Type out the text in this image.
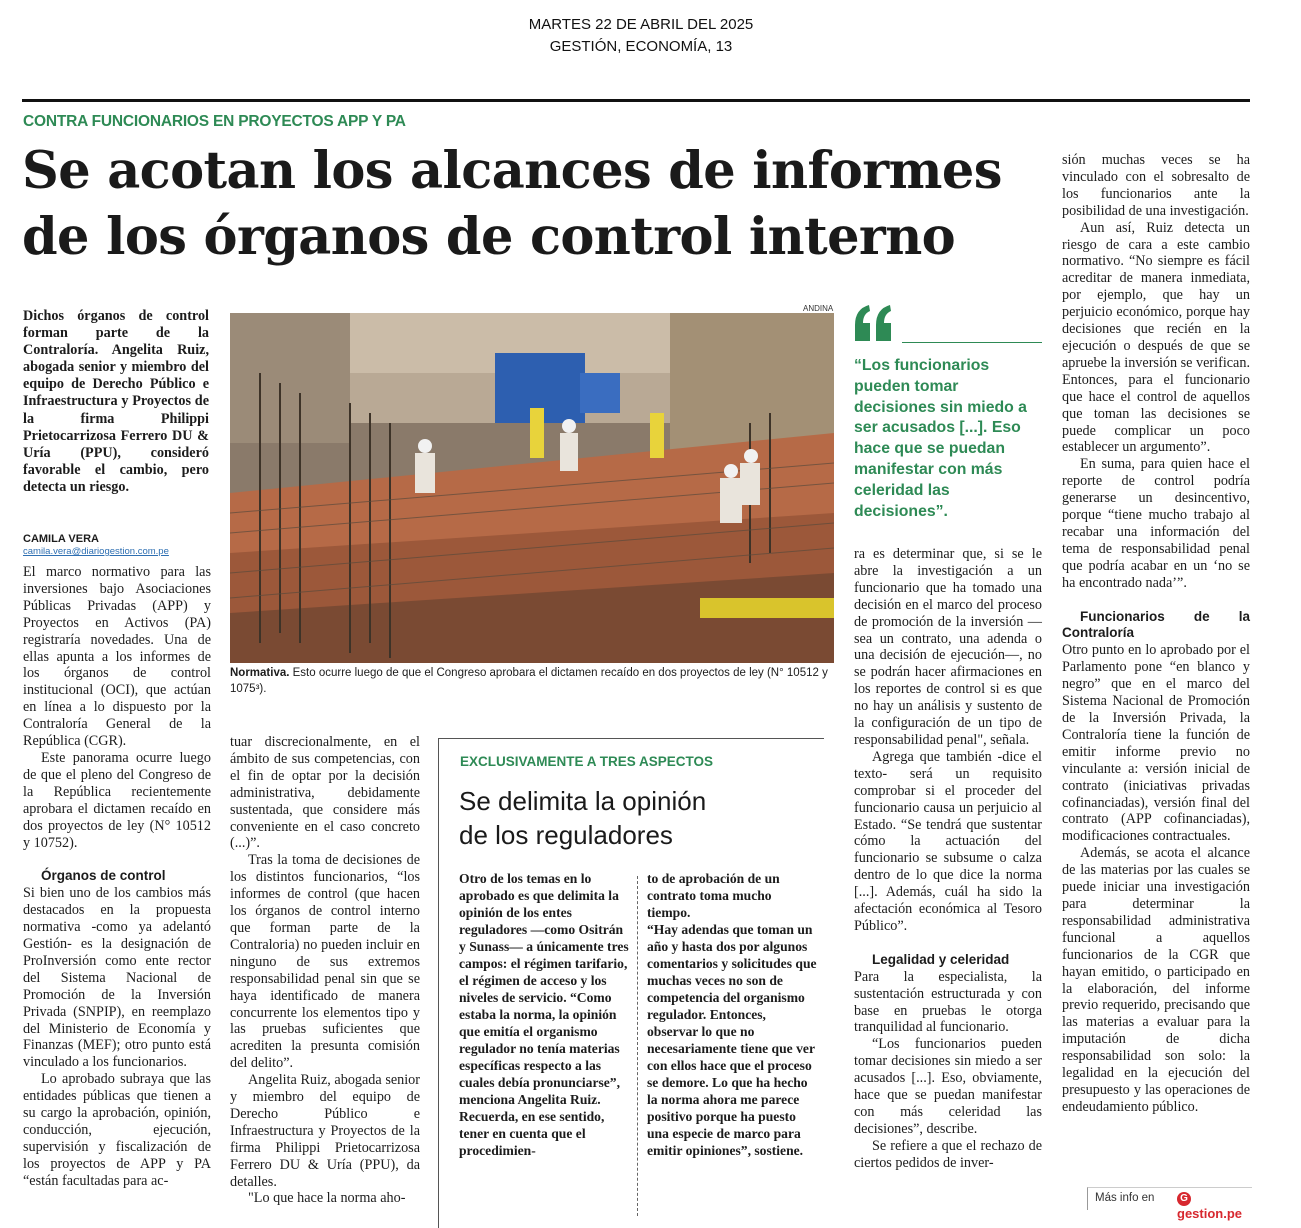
MARTES 22 DE ABRIL DEL 2025
GESTIÓN, ECONOMÍA, 13
CONTRA FUNCIONARIOS EN PROYECTOS APP Y PA
Se acotan los alcances de informes
de los órganos de control interno
Dichos órganos de control forman parte de la Contraloría. Angelita Ruiz, abogada senior y miembro del equipo de Derecho Público e Infraestructura y Proyectos de la firma Philippi Prietocarrizosa Ferrero DU & Uría (PPU), consideró favorable el cambio, pero detecta un riesgo.
CAMILA VERA
camila.vera@diariogestion.com.pe

El marco normativo para las inversiones bajo Asociaciones Públicas Privadas (APP) y Proyectos en Activos (PA) registraría novedades. Una de ellas apunta a los informes de los órganos de control institucional (OCI), que actúan en línea a lo dispuesto por la Contraloría General de la República (CGR).

Este panorama ocurre luego de que el pleno del Congreso de la República recientemente aprobara el dictamen recaído en dos proyectos de ley (N° 10512 y 10752).

Órganos de control

Si bien uno de los cambios más destacados en la propuesta normativa -como ya adelantó Gestión- es la designación de ProInversión como ente rector del Sistema Nacional de Promoción de la Inversión Privada (SNPIP), en reemplazo del Ministerio de Economía y Finanzas (MEF); otro punto está vinculado a los funcionarios.

Lo aprobado subraya que las entidades públicas que tienen a su cargo la aprobación, opinión, conducción, ejecución, supervisión y fiscalización de los proyectos de APP y PA “están facultadas para ac-

ANDINA
Normativa. Esto ocurre luego de que el Congreso aprobara el dictamen recaído en dos proyectos de ley (N° 10512 y 1075³).

tuar discrecionalmente, en el ámbito de sus competencias, con el fin de optar por la decisión administrativa, debidamente sustentada, que considere más conveniente en el caso concreto (...)”.

Tras la toma de decisiones de los distintos funcionarios, “los informes de control (que hacen los órganos de control interno que forman parte de la Contraloria) no pueden incluir en ninguno de sus extremos responsabilidad penal sin que se haya identificado de manera concurrente los elementos tipo y las pruebas suficientes que acrediten la presunta comisión del delito”.

Angelita Ruiz, abogada senior y miembro del equipo de Derecho Público e Infraestructura y Proyectos de la firma Philippi Prietocarrizosa Ferrero DU & Uría (PPU), da detalles.

"Lo que hace la norma aho-

“Los funcionarios pueden tomar decisiones sin miedo a ser acusados [...]. Eso hace que se puedan manifestar con más celeridad las decisiones”.

ra es determinar que, si se le abre la investigación a un funcionario que ha tomado una decisión en el marco del proceso de promoción de la inversión —sea un contrato, una adenda o una decisión de ejecución—, no se podrán hacer afirmaciones en los reportes de control si es que no hay un análisis y sustento de la configuración de un tipo de responsabilidad penal", señala.

Agrega que también -dice el texto- será un requisito comprobar si el proceder del funcionario causa un perjuicio al Estado. “Se tendrá que sustentar cómo la actuación del funcionario se subsume o calza dentro de lo que dice la norma [...]. Además, cuál ha sido la afectación económica al Tesoro Público”.

Legalidad y celeridad

Para la especialista, la sustentación estructurada y con base en pruebas le otorga tranquilidad al funcionario.

“Los funcionarios pueden tomar decisiones sin miedo a ser acusados [...]. Eso, obviamente, hace que se puedan manifestar con más celeridad las decisiones”, describe.

Se refiere a que el rechazo de ciertos pedidos de inver-

sión muchas veces se ha vinculado con el sobresalto de los funcionarios ante la posibilidad de una investigación.

Aun así, Ruiz detecta un riesgo de cara a este cambio normativo. “No siempre es fácil acreditar de manera inmediata, por ejemplo, que hay un perjuicio económico, porque hay decisiones que recién en la ejecución o después de que se apruebe la inversión se verifican. Entonces, para el funcionario que hace el control de aquellos que toman las decisiones se puede complicar un poco establecer un argumento”.

En suma, para quien hace el reporte de control podría generarse un desincentivo, porque “tiene mucho trabajo al recabar una información del tema de responsabilidad penal que podría acabar en un ‘no se ha encontrado nada’”.

Funcionarios de la Contraloría

Otro punto en lo aprobado por el Parlamento pone “en blanco y negro” que en el marco del Sistema Nacional de Promoción de la Inversión Privada, la Contraloría tiene la función de emitir informe previo no vinculante a: versión inicial de contrato (iniciativas privadas cofinanciadas), versión final del contrato (APP cofinanciadas), modificaciones contractuales.

Además, se acota el alcance de las materias por las cuales se puede iniciar una investigación para determinar la responsabilidad administrativa funcional a aquellos funcionarios de la CGR que hayan emitido, o participado en la elaboración, del informe previo requerido, precisando que las materias a evaluar para la imputación de dicha responsabilidad son solo: la legalidad en la ejecución del presupuesto y las operaciones de endeudamiento público.

EXCLUSIVAMENTE A TRES ASPECTOS
Se delimita la opinión
de los reguladores

Otro de los temas en lo aprobado es que delimita la opinión de los entes reguladores —como Ositrán y Sunass— a únicamente tres campos: el régimen tarifario, el régimen de acceso y los niveles de servicio. “Como estaba la norma, la opinión que emitía el organismo regulador no tenía materias específicas respecto a las cuales debía pronunciarse”, menciona Angelita Ruiz.

Recuerda, en ese sentido, tener en cuenta que el procedimien-

to de aprobación de un contrato toma mucho tiempo.

“Hay adendas que toman un año y hasta dos por algunos comentarios y solicitudes que muchas veces no son de competencia del organismo regulador. Entonces, observar lo que no necesariamente tiene que ver con ellos hace que el proceso se demore. Lo que ha hecho la norma ahora me parece positivo porque ha puesto una especie de marco para emitir opiniones”, sostiene.

Más info en	Ggestion.pe
